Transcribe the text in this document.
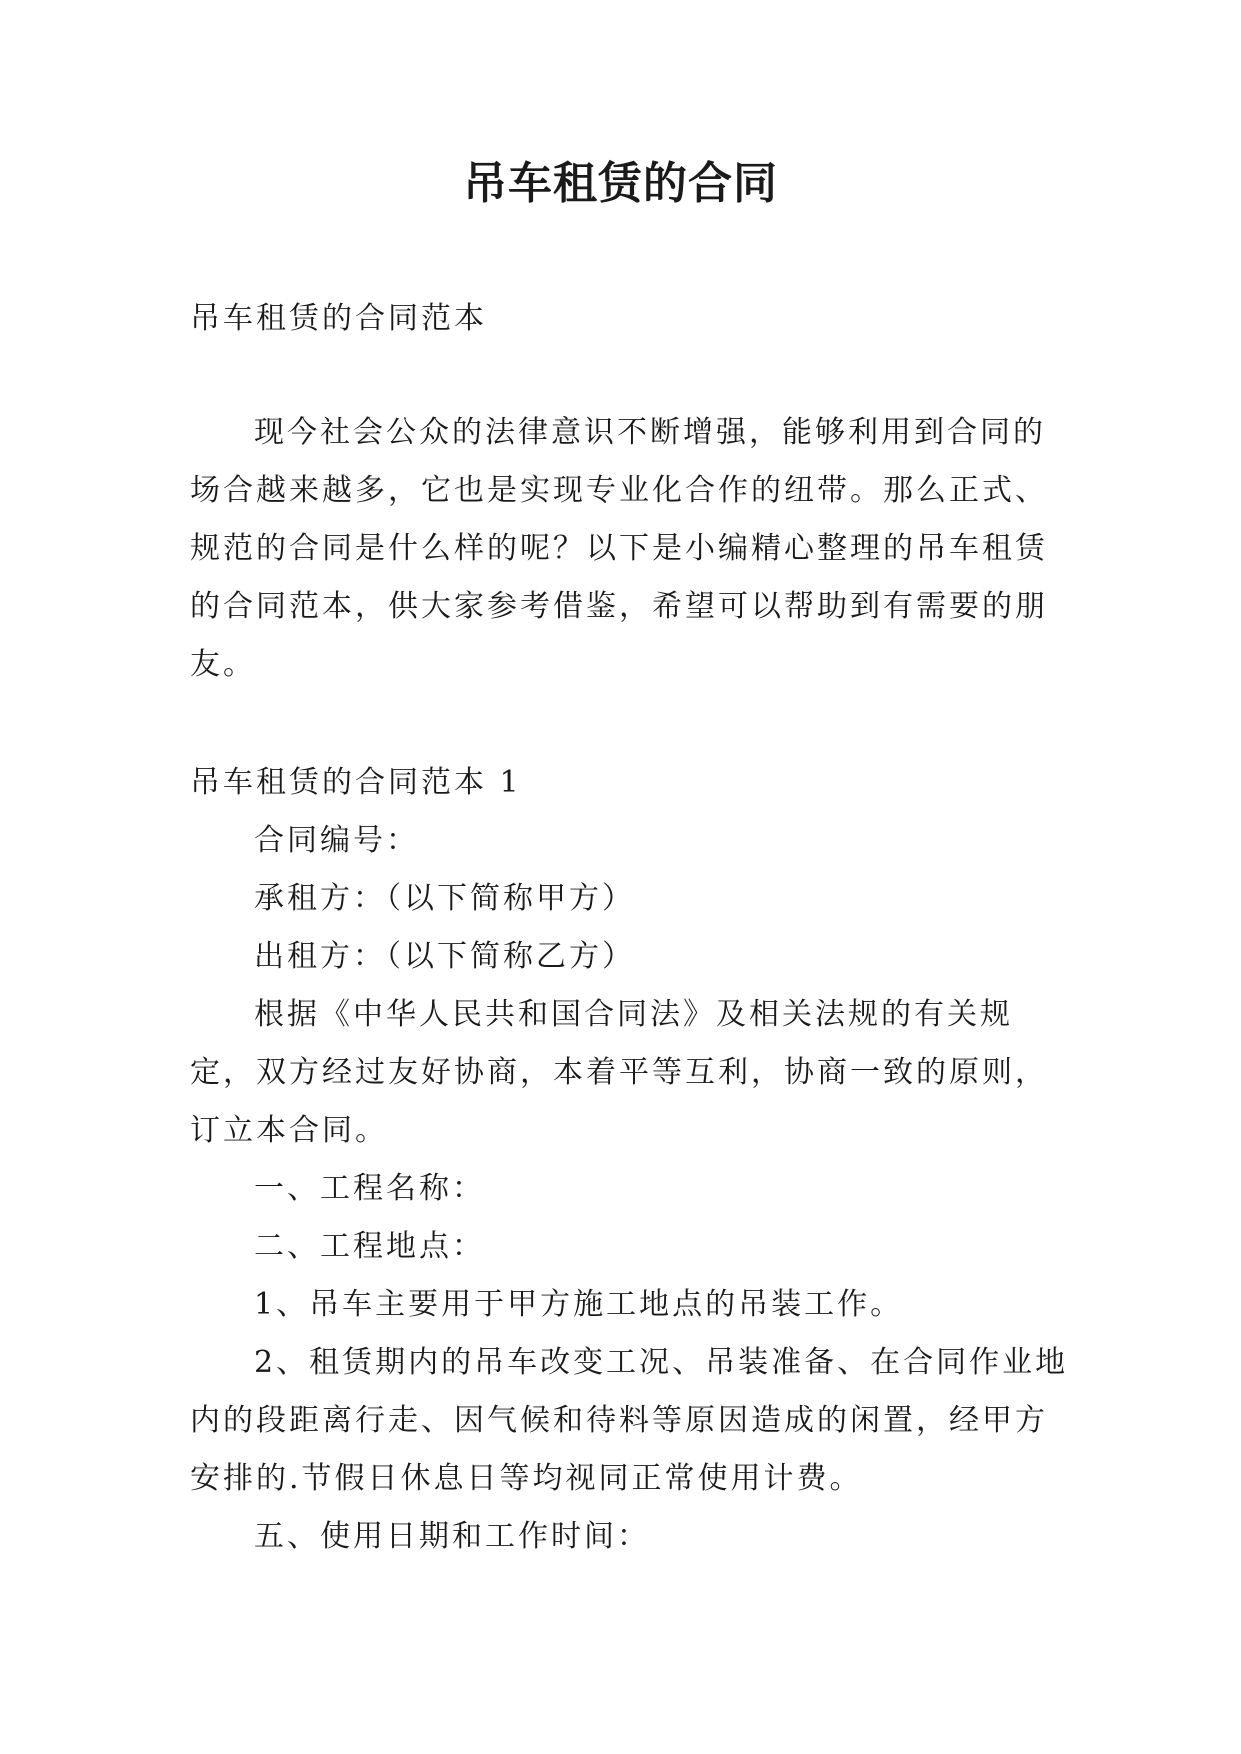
吊车租赁的合同

吊车租赁的合同范本

现今社会公众的法律意识不断增强，能够利用到合同的场合越来越多，它也是实现专业化合作的纽带。那么正式、规范的合同是什么样的呢？以下是小编精心整理的吊车租赁的合同范本，供大家参考借鉴，希望可以帮助到有需要的朋友。

吊车租赁的合同范本 1

合同编号：

承租方：（以下简称甲方）

出租方：（以下简称乙方）

根据《中华人民共和国合同法》及相关法规的有关规定，双方经过友好协商，本着平等互利，协商一致的原则，订立本合同。

一、工程名称：

二、工程地点：

1、吊车主要用于甲方施工地点的吊装工作。

2、租赁期内的吊车改变工况、吊装准备、在合同作业地内的段距离行走、因气候和待料等原因造成的闲置，经甲方安排的.节假日休息日等均视同正常使用计费。

五、使用日期和工作时间：
